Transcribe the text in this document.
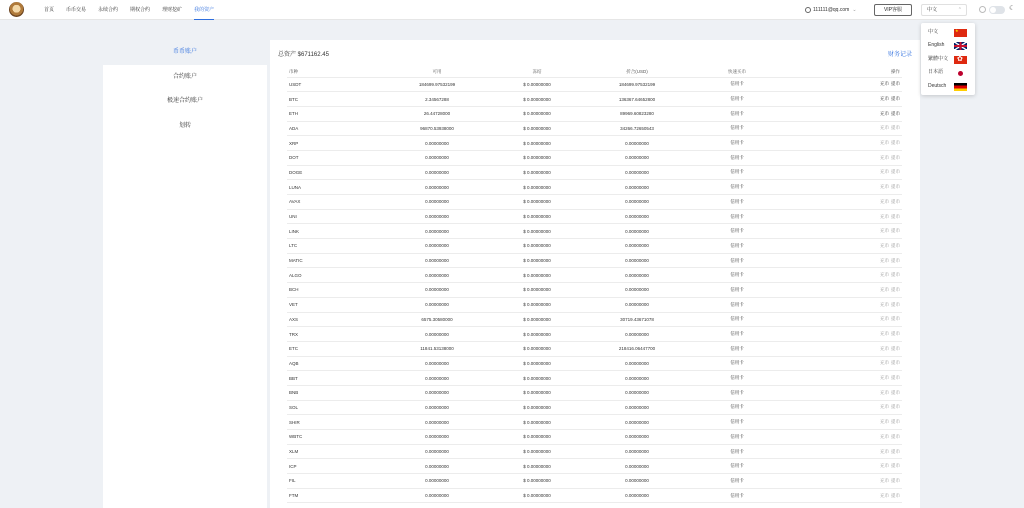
首页 币币交易 永续合约 期权合约 理财挖矿 我的资产	111111@qq.com ⌄	VIP客服	中文	⌃	☾
中文
★
English
繁體中文
✿
日本語
Deutsch
币币账户
合约账户
极速合约账户
划转
总资产 $671162.45	财务记录
币种	可用	冻结	折合(USD)	快速买币	操作
USDT	184699.97532199	$ 0.00000000	184699.97532199	信用卡	充币 提币
BTC	2.34567288	$ 0.00000000	136367.64652800	信用卡	充币 提币
ETH	26.44728000	$ 0.00000000	89969.60823280	信用卡	充币 提币
ADA	96870.53938000	$ 0.00000000	34266.72650543	信用卡	充币 提币
XRP	0.00000000	$ 0.00000000	0.00000000	信用卡	充币 提币
DOT	0.00000000	$ 0.00000000	0.00000000	信用卡	充币 提币
DOGE	0.00000000	$ 0.00000000	0.00000000	信用卡	充币 提币
LUNA	0.00000000	$ 0.00000000	0.00000000	信用卡	充币 提币
AVAX	0.00000000	$ 0.00000000	0.00000000	信用卡	充币 提币
UNI	0.00000000	$ 0.00000000	0.00000000	信用卡	充币 提币
LINK	0.00000000	$ 0.00000000	0.00000000	信用卡	充币 提币
LTC	0.00000000	$ 0.00000000	0.00000000	信用卡	充币 提币
MATIC	0.00000000	$ 0.00000000	0.00000000	信用卡	充币 提币
ALGO	0.00000000	$ 0.00000000	0.00000000	信用卡	充币 提币
BCH	0.00000000	$ 0.00000000	0.00000000	信用卡	充币 提币
VET	0.00000000	$ 0.00000000	0.00000000	信用卡	充币 提币
AXS	6575.30580000	$ 0.00000000	30719.43671078	信用卡	充币 提币
TRX	0.00000000	$ 0.00000000	0.00000000	信用卡	充币 提币
ETC	11841.53138000	$ 0.00000000	218416.06447700	信用卡	充币 提币
AQB	0.00000000	$ 0.00000000	0.00000000	信用卡	充币 提币
BBT	0.00000000	$ 0.00000000	0.00000000	信用卡	充币 提币
BNB	0.00000000	$ 0.00000000	0.00000000	信用卡	充币 提币
SOL	0.00000000	$ 0.00000000	0.00000000	信用卡	充币 提币
SHIR	0.00000000	$ 0.00000000	0.00000000	信用卡	充币 提币
WBTC	0.00000000	$ 0.00000000	0.00000000	信用卡	充币 提币
XLM	0.00000000	$ 0.00000000	0.00000000	信用卡	充币 提币
ICP	0.00000000	$ 0.00000000	0.00000000	信用卡	充币 提币
FIL	0.00000000	$ 0.00000000	0.00000000	信用卡	充币 提币
FTM	0.00000000	$ 0.00000000	0.00000000	信用卡	充币 提币
